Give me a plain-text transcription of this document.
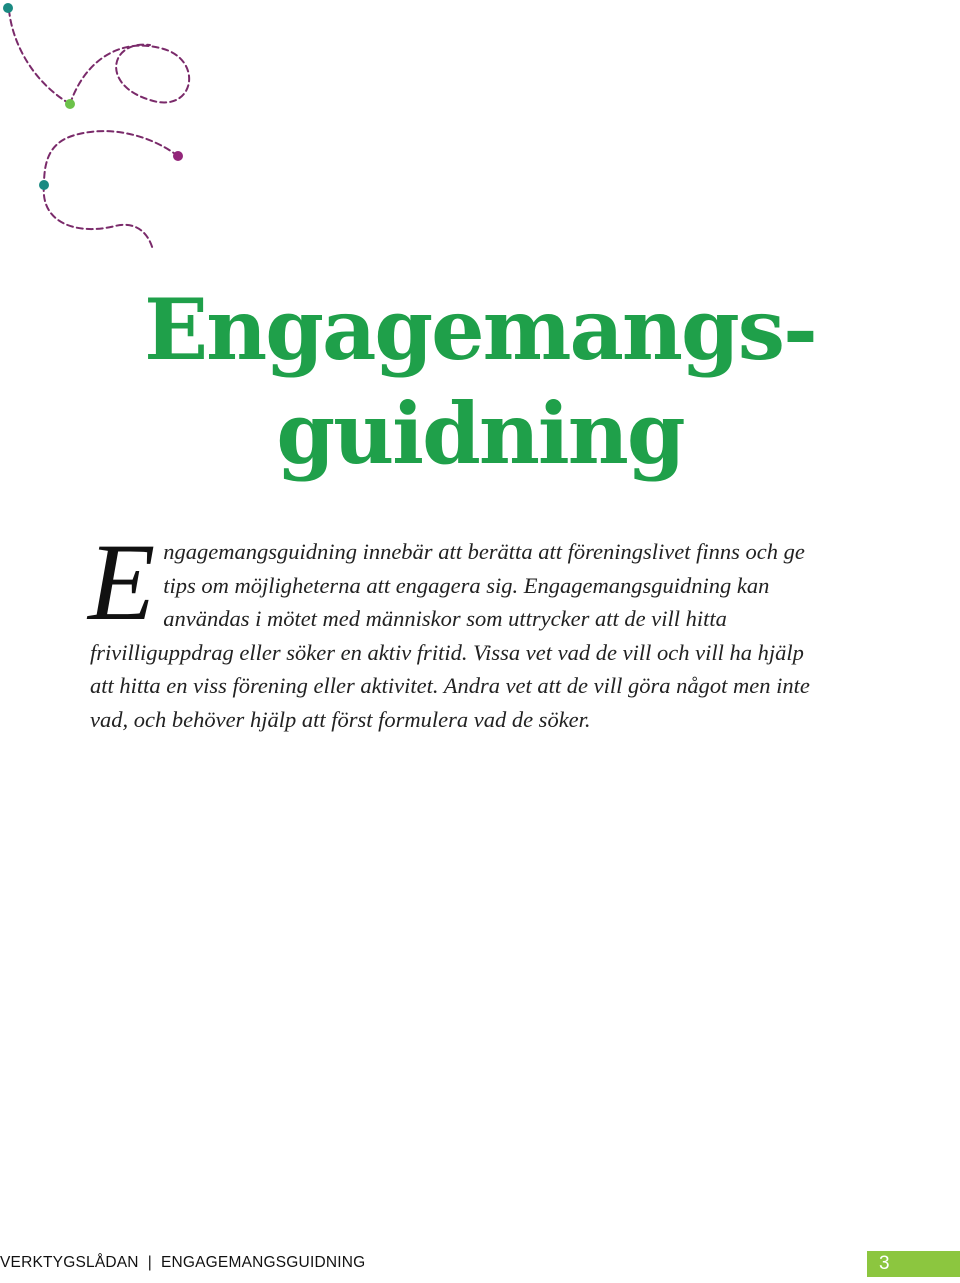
Engagemangs-
guidning

Engagemangsguidning innebär att berätta att föreningslivet finns och ge tips om möjligheterna att engagera sig. Engagemangsguidning kan användas i mötet med människor som uttrycker att de vill hitta frivilliguppdrag eller söker en aktiv fritid. Vissa vet vad de vill och vill ha hjälp att hitta en viss förening eller aktivitet. Andra vet att de vill göra något men inte vad, och behöver hjälp att först formulera vad de söker.

VERKTYGSLÅDAN | ENGAGEMANGSGUIDNING	3
